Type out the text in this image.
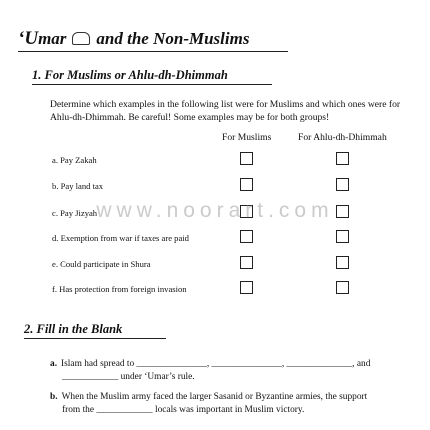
‘U mar and the Non-Muslims
1. For Muslims or Ahlu-dh-Dhimmah
Determine which examples in the following list were for Muslims and which ones were for Ahlu-dh-Dhimmah. Be careful! Some examples may be for both groups!
For Muslims	For Ahlu-dh-Dhimmah
a. Pay Zakah
b. Pay land tax
c. Pay Jizyah
d. Exemption from war if taxes are paid
e. Could participate in Shura
f. Has protection from foreign invasion
www.noorart.com
2. Fill in the Blank
a. Islam had spread to _______________, _______________, ______________, and
____________ under ‘Umar’s rule.
b. When the Muslim army faced the larger Sasanid or Byzantine armies, the support
from the ____________ locals was important in Muslim victory.
